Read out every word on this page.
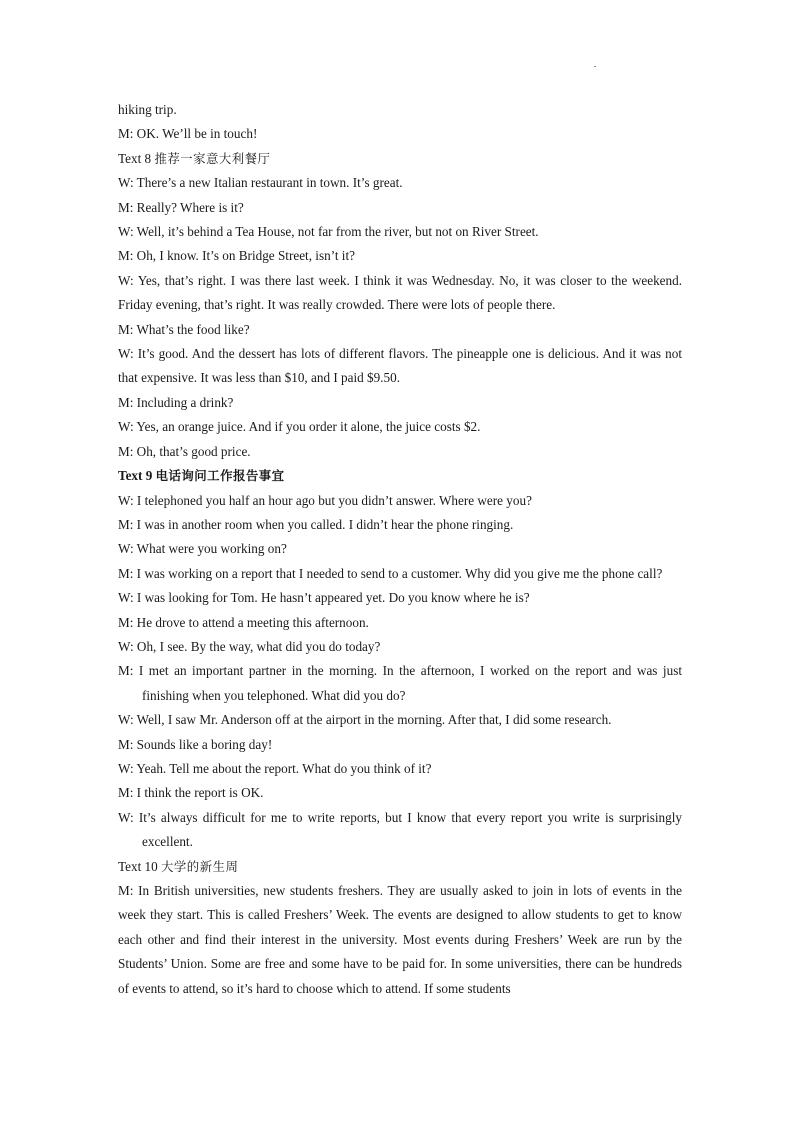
hiking trip.

M: OK. We’ll be in touch!

Text 8 推荐一家意大利餐厅

W: There’s a new Italian restaurant in town. It’s great.

M: Really? Where is it?

W: Well, it’s behind a Tea House, not far from the river, but not on River Street.

M: Oh, I know. It’s on Bridge Street, isn’t it?

W: Yes, that’s right. I was there last week. I think it was Wednesday. No, it was closer to the weekend. Friday evening, that’s right. It was really crowded. There were lots of people there.

M: What’s the food like?

W: It’s good. And the dessert has lots of different flavors. The pineapple one is delicious. And it was not that expensive. It was less than $10, and I paid $9.50.

M: Including a drink?

W: Yes, an orange juice. And if you order it alone, the juice costs $2.

M: Oh, that’s good price.

Text 9 电话询问工作报告事宜

W: I telephoned you half an hour ago but you didn’t answer. Where were you?

M: I was in another room when you called. I didn’t hear the phone ringing.

W: What were you working on?

M: I was working on a report that I needed to send to a customer. Why did you give me the phone call?

W: I was looking for Tom. He hasn’t appeared yet. Do you know where he is?

M: He drove to attend a meeting this afternoon.

W: Oh, I see. By the way, what did you do today?

M: I met an important partner in the morning. In the afternoon, I worked on the report and was just finishing when you telephoned. What did you do?

W: Well, I saw Mr. Anderson off at the airport in the morning. After that, I did some research.

M: Sounds like a boring day!

W: Yeah. Tell me about the report. What do you think of it?

M: I think the report is OK.

W: It’s always difficult for me to write reports, but I know that every report you write is surprisingly excellent.

Text 10 大学的新生周

M: In British universities, new students freshers. They are usually asked to join in lots of events in the week they start. This is called Freshers’ Week. The events are designed to allow students to get to know each other and find their interest in the university. Most events during Freshers’ Week are run by the Students’ Union. Some are free and some have to be paid for. In some universities, there can be hundreds of events to attend, so it’s hard to choose which to attend. If some students
